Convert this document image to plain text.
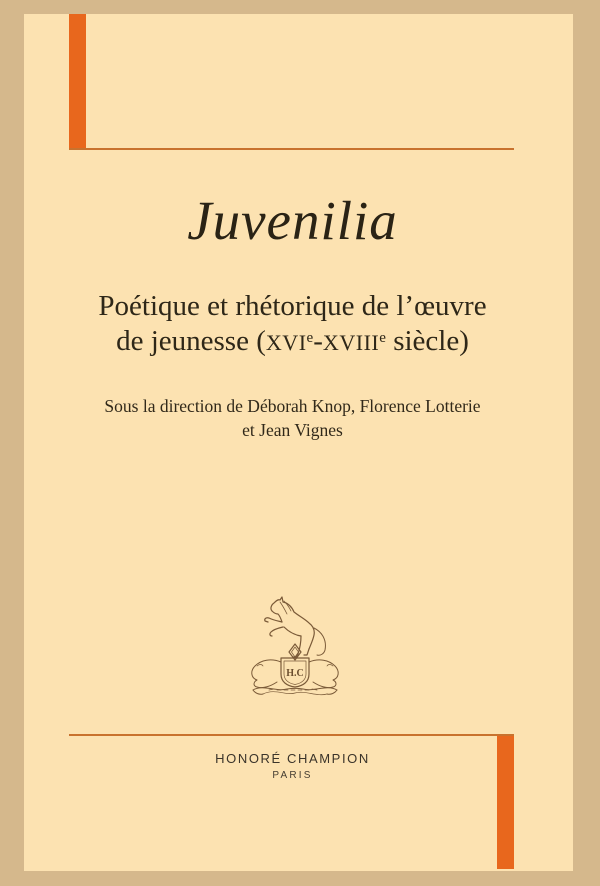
Juvenilia
Poétique et rhétorique de l’œuvre
de jeunesse (XVIe-XVIIIe siècle)
Sous la direction de Déborah Knop, Florence Lotterie
et Jean Vignes
H.C
HONORÉ CHAMPION
PARIS
